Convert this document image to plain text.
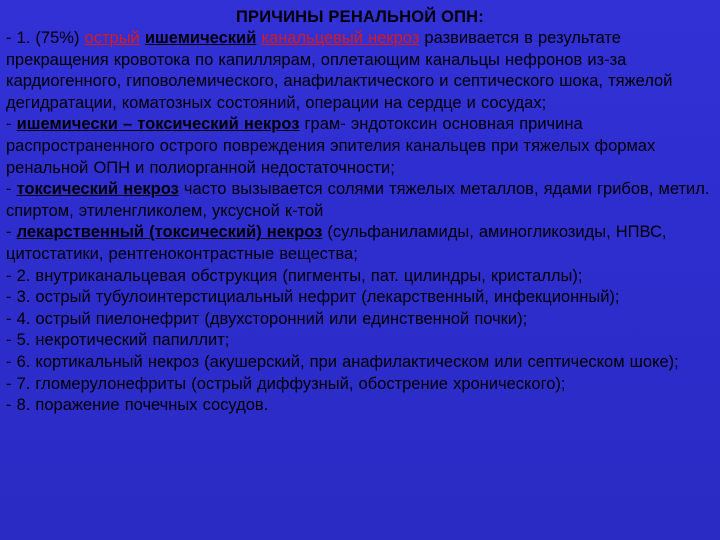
ПРИЧИНЫ РЕНАЛЬНОЙ ОПН:

- 1. (75%) острый ишемический канальцевый некроз развивается в результате прекращения кровотока по капиллярам, оплетающим канальцы нефронов из-за кардиогенного, гиповолемического, анафилактического и септического шока, тяжелой дегидратации, коматозных состояний, операции на сердце и сосудах;

- ишемически – токсический некроз грам- эндотоксин основная причина распространенного острого повреждения эпителия канальцев при тяжелых формах ренальной ОПН и полиорганной недостаточности;

- токсический некроз часто вызывается солями тяжелых металлов, ядами грибов, метил. спиртом, этиленгликолем, уксусной к-той

- лекарственный (токсический) некроз (сульфаниламиды, аминогликозиды, НПВС, цитостатики, рентгеноконтрастные вещества;

- 2. внутриканальцевая обструкция (пигменты, пат. цилиндры, кристаллы);

- 3. острый тубулоинтерстициальный нефрит (лекарственный, инфекционный);

- 4. острый пиелонефрит (двухсторонний или единственной почки);

- 5. некротический папиллит;

- 6. кортикальный некроз (акушерский, при анафилактическом или септическом шоке);

- 7. гломерулонефриты (острый диффузный, обострение хронического);

- 8. поражение почечных сосудов.
